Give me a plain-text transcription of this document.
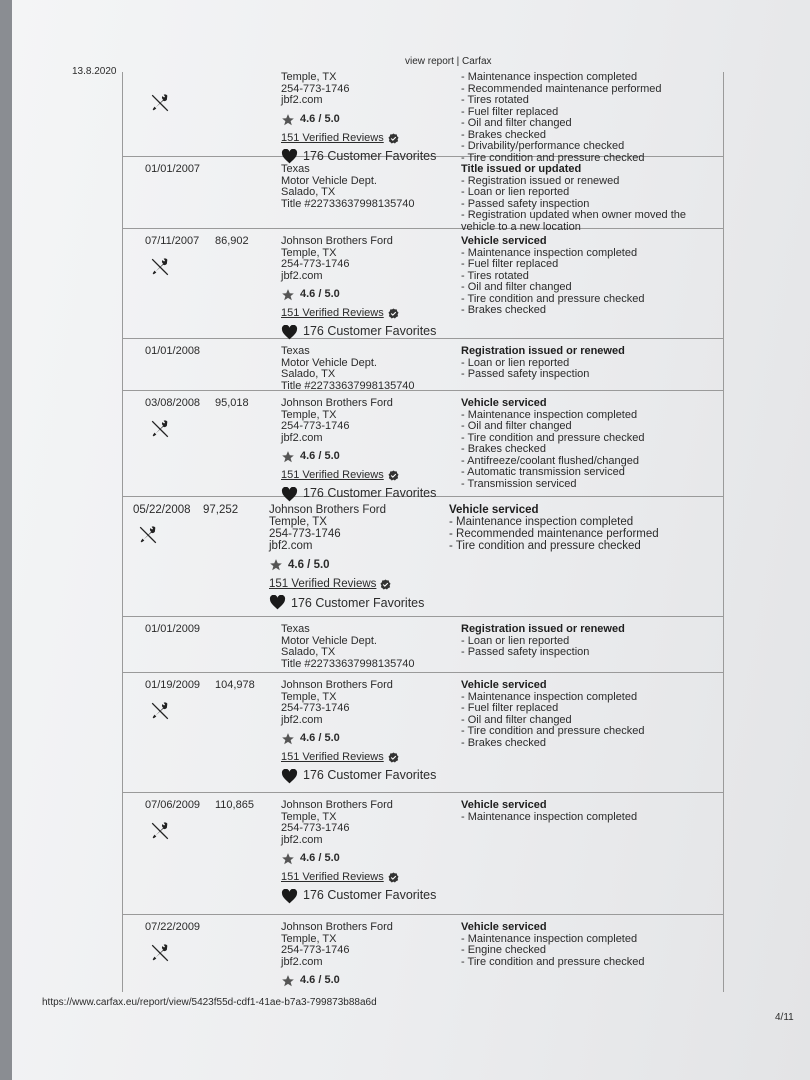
13.8.2020
view report | Carfax
Temple, TX
254-773-1746
jbf2.com
4.6 / 5.0
151 Verified Reviews
176 Customer Favorites
- Maintenance inspection completed
- Recommended maintenance performed
- Tires rotated
- Fuel filter replaced
- Oil and filter changed
- Brakes checked
- Drivability/performance checked
- Tire condition and pressure checked
01/01/2007	Texas
Motor Vehicle Dept.
Salado, TX
Title #22733637998135740
Title issued or updated
- Registration issued or renewed
- Loan or lien reported
- Passed safety inspection
- Registration updated when owner moved the
vehicle to a new location
07/11/2007 86,902	Johnson Brothers Ford
Temple, TX
254-773-1746
jbf2.com
4.6 / 5.0
151 Verified Reviews
176 Customer Favorites
Vehicle serviced
- Maintenance inspection completed
- Fuel filter replaced
- Tires rotated
- Oil and filter changed
- Tire condition and pressure checked
- Brakes checked
01/01/2008	Texas
Motor Vehicle Dept.
Salado, TX
Title #22733637998135740
Registration issued or renewed
- Loan or lien reported
- Passed safety inspection
03/08/2008 95,018	Johnson Brothers Ford
Temple, TX
254-773-1746
jbf2.com
4.6 / 5.0
151 Verified Reviews
176 Customer Favorites
Vehicle serviced
- Maintenance inspection completed
- Oil and filter changed
- Tire condition and pressure checked
- Brakes checked
- Antifreeze/coolant flushed/changed
- Automatic transmission serviced
- Transmission serviced
05/22/2008 97,252	Johnson Brothers Ford
Temple, TX
254-773-1746
jbf2.com
4.6 / 5.0
151 Verified Reviews
176 Customer Favorites
Vehicle serviced
- Maintenance inspection completed
- Recommended maintenance performed
- Tire condition and pressure checked
01/01/2009	Texas
Motor Vehicle Dept.
Salado, TX
Title #22733637998135740
Registration issued or renewed
- Loan or lien reported
- Passed safety inspection
01/19/2009 104,978 Johnson Brothers Ford
Temple, TX
254-773-1746
jbf2.com
4.6 / 5.0
151 Verified Reviews
176 Customer Favorites
Vehicle serviced
- Maintenance inspection completed
- Fuel filter replaced
- Oil and filter changed
- Tire condition and pressure checked
- Brakes checked
07/06/2009 110,865 Johnson Brothers Ford
Temple, TX
254-773-1746
jbf2.com
4.6 / 5.0
151 Verified Reviews
176 Customer Favorites
Vehicle serviced
- Maintenance inspection completed
07/22/2009	Johnson Brothers Ford
Temple, TX
254-773-1746
jbf2.com
4.6 / 5.0
Vehicle serviced
- Maintenance inspection completed
- Engine checked
- Tire condition and pressure checked
https://www.carfax.eu/report/view/5423f55d-cdf1-41ae-b7a3-799873b88a6d
4/11
